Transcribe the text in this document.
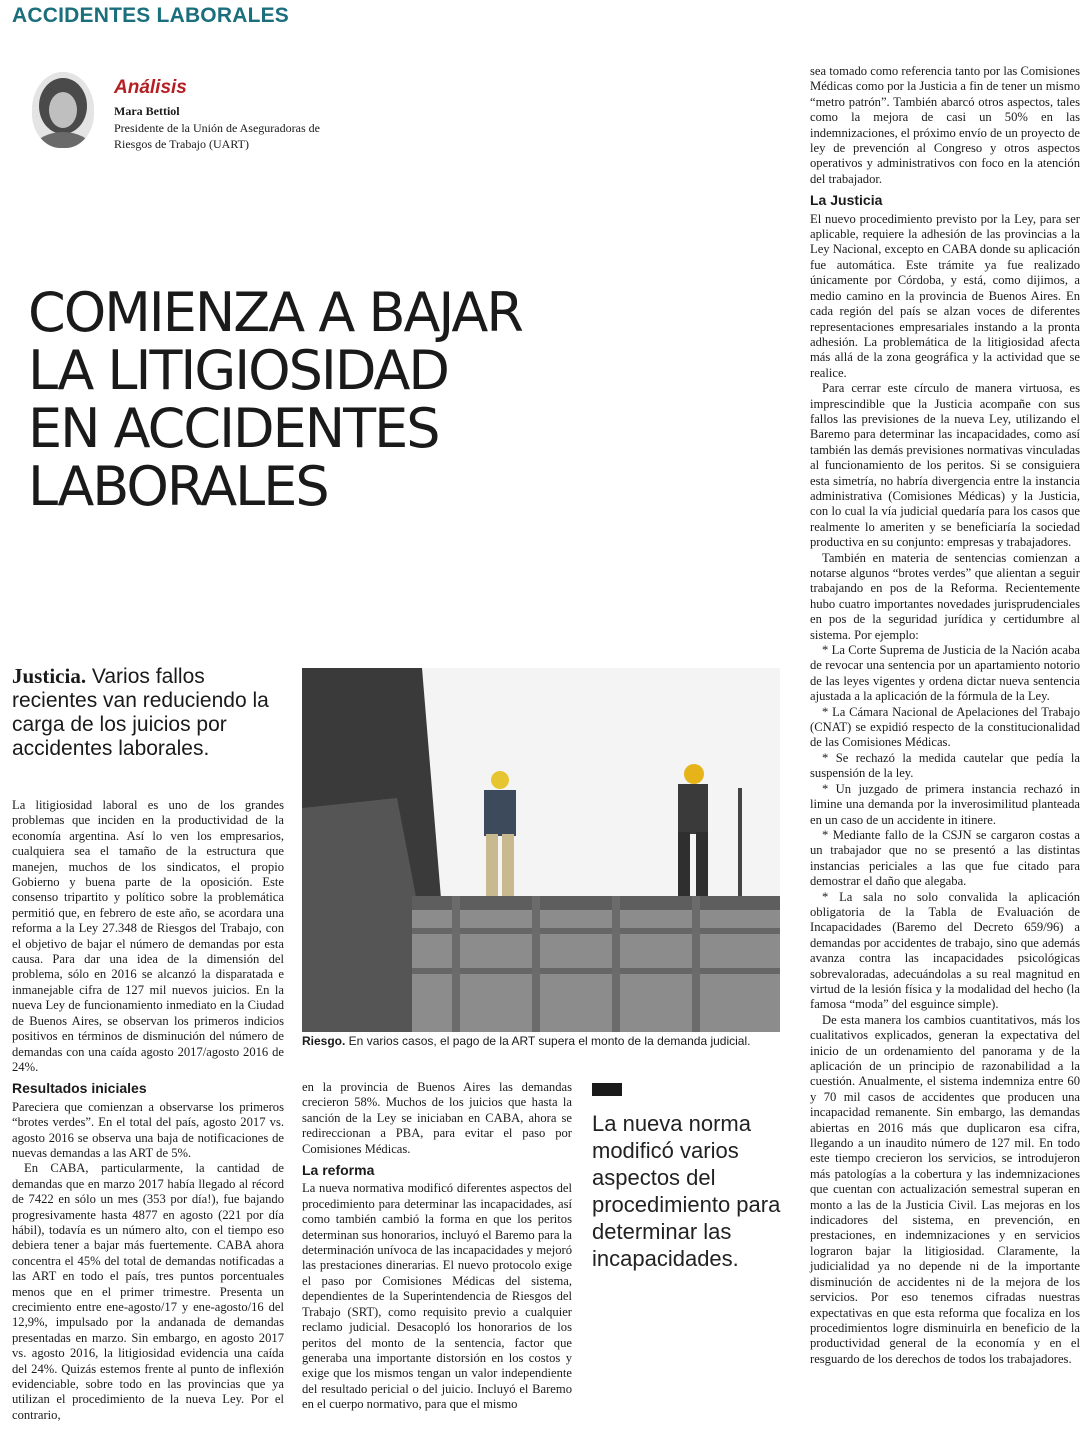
ACCIDENTES LABORALES
Análisis
Mara Bettiol
Presidente de la Unión de Aseguradoras de Riesgos de Trabajo (UART)
COMIENZA A BAJAR
LA LITIGIOSIDAD
EN ACCIDENTES
LABORALES
Justicia. Varios fallos recientes van reduciendo la carga de los juicios por accidentes laborales.

La litigiosidad laboral es uno de los grandes problemas que inciden en la productividad de la economía argentina. Así lo ven los empresarios, cualquiera sea el tamaño de la estructura que manejen, muchos de los sindicatos, el propio Gobierno y buena parte de la oposición. Este consenso tripartito y político sobre la problemática permitió que, en febrero de este año, se acordara una reforma a la Ley 27.348 de Riesgos del Trabajo, con el objetivo de bajar el número de demandas por esta causa. Para dar una idea de la dimensión del problema, sólo en 2016 se alcanzó la disparatada e inmanejable cifra de 127 mil nuevos juicios. En la nueva Ley de funcionamiento inmediato en la Ciudad de Buenos Aires, se observan los primeros indicios positivos en términos de disminución del número de demandas con una caída agosto 2017/agosto 2016 de 24%.

Resultados iniciales

Pareciera que comienzan a observarse los primeros “brotes verdes”. En el total del país, agosto 2017 vs. agosto 2016 se observa una baja de notificaciones de nuevas demandas a las ART de 5%.

En CABA, particularmente, la cantidad de demandas que en marzo 2017 había llegado al récord de 7422 en sólo un mes (353 por día!), fue bajando progresivamente hasta 4877 en agosto (221 por día hábil), todavía es un número alto, con el tiempo eso debiera tener a bajar más fuertemente. CABA ahora concentra el 45% del total de demandas notificadas a las ART en todo el país, tres puntos porcentuales menos que en el primer trimestre. Presenta un crecimiento entre ene-agosto/17 y ene-agosto/16 del 12,9%, impulsado por la andanada de demandas presentadas en marzo. Sin embargo, en agosto 2017 vs. agosto 2016, la litigiosidad evidencia una caída del 24%. Quizás estemos frente al punto de inflexión evidenciable, sobre todo en las provincias que ya utilizan el procedimiento de la nueva Ley. Por el contrario,

Riesgo. En varios casos, el pago de la ART supera el monto de la demanda judicial.

en la provincia de Buenos Aires las demandas crecieron 58%. Muchos de los juicios que hasta la sanción de la Ley se iniciaban en CABA, ahora se redireccionan a PBA, para evitar el paso por Comisiones Médicas.

La reforma

La nueva normativa modificó diferentes aspectos del procedimiento para determinar las incapacidades, así como también cambió la forma en que los peritos determinan sus honorarios, incluyó el Baremo para la determinación unívoca de las incapacidades y mejoró las prestaciones dinerarias. El nuevo protocolo exige el paso por Comisiones Médicas del sistema, dependientes de la Superintendencia de Riesgos del Trabajo (SRT), como requisito previo a cualquier reclamo judicial. Desacopló los honorarios de los peritos del monto de la sentencia, factor que generaba una importante distorsión en los costos y exige que los mismos tengan un valor independiente del resultado pericial o del juicio. Incluyó el Baremo en el cuerpo normativo, para que el mismo

La nueva norma modificó varios aspectos del procedimiento para determinar las incapacidades.

sea tomado como referencia tanto por las Comisiones Médicas como por la Justicia a fin de tener un mismo “metro patrón”. También abarcó otros aspectos, tales como la mejora de casi un 50% en las indemnizaciones, el próximo envío de un proyecto de ley de prevención al Congreso y otros aspectos operativos y administrativos con foco en la atención del trabajador.

La Justicia

El nuevo procedimiento previsto por la Ley, para ser aplicable, requiere la adhesión de las provincias a la Ley Nacional, excepto en CABA donde su aplicación fue automática. Este trámite ya fue realizado únicamente por Córdoba, y está, como dijimos, a medio camino en la provincia de Buenos Aires. En cada región del país se alzan voces de diferentes representaciones empresariales instando a la pronta adhesión. La problemática de la litigiosidad afecta más allá de la zona geográfica y la actividad que se realice.

Para cerrar este círculo de manera virtuosa, es imprescindible que la Justicia acompañe con sus fallos las previsiones de la nueva Ley, utilizando el Baremo para determinar las incapacidades, como así también las demás previsiones normativas vinculadas al funcionamiento de los peritos. Si se consiguiera esta simetría, no habría divergencia entre la instancia administrativa (Comisiones Médicas) y la Justicia, con lo cual la vía judicial quedaría para los casos que realmente lo ameriten y se beneficiaría la sociedad productiva en su conjunto: empresas y trabajadores.

También en materia de sentencias comienzan a notarse algunos “brotes verdes” que alientan a seguir trabajando en pos de la Reforma. Recientemente hubo cuatro importantes novedades jurisprudenciales en pos de la seguridad jurídica y certidumbre al sistema. Por ejemplo:

* La Corte Suprema de Justicia de la Nación acaba de revocar una sentencia por un apartamiento notorio de las leyes vigentes y ordena dictar nueva sentencia ajustada a la aplicación de la fórmula de la Ley.

* La Cámara Nacional de Apelaciones del Trabajo (CNAT) se expidió respecto de la constitucionalidad de las Comisiones Médicas.

* Se rechazó la medida cautelar que pedía la suspensión de la ley.

* Un juzgado de primera instancia rechazó in limine una demanda por la inverosimilitud planteada en un caso de un accidente in itinere.

* Mediante fallo de la CSJN se cargaron costas a un trabajador que no se presentó a las distintas instancias periciales a las que fue citado para demostrar el daño que alegaba.

* La sala no solo convalida la aplicación obligatoria de la Tabla de Evaluación de Incapacidades (Baremo del Decreto 659/96) a demandas por accidentes de trabajo, sino que además avanza contra las incapacidades psicológicas sobrevaloradas, adecuándolas a su real magnitud en virtud de la lesión física y la modalidad del hecho (la famosa “moda” del esguince simple).

De esta manera los cambios cuantitativos, más los cualitativos explicados, generan la expectativa del inicio de un ordenamiento del panorama y de la aplicación de un principio de razonabilidad a la cuestión. Anualmente, el sistema indemniza entre 60 y 70 mil casos de accidentes que producen una incapacidad remanente. Sin embargo, las demandas abiertas en 2016 más que duplicaron esa cifra, llegando a un inaudito número de 127 mil. En todo este tiempo crecieron los servicios, se introdujeron más patologías a la cobertura y las indemnizaciones que cuentan con actualización semestral superan en monto a las de la Justicia Civil. Las mejoras en los indicadores del sistema, en prevención, en prestaciones, en indemnizaciones y en servicios lograron bajar la litigiosidad. Claramente, la judicialidad ya no depende ni de la importante disminución de accidentes ni de la mejora de los servicios. Por eso tenemos cifradas nuestras expectativas en que esta reforma que focaliza en los procedimientos logre disminuirla en beneficio de la productividad general de la economía y en el resguardo de los derechos de todos los trabajadores.
